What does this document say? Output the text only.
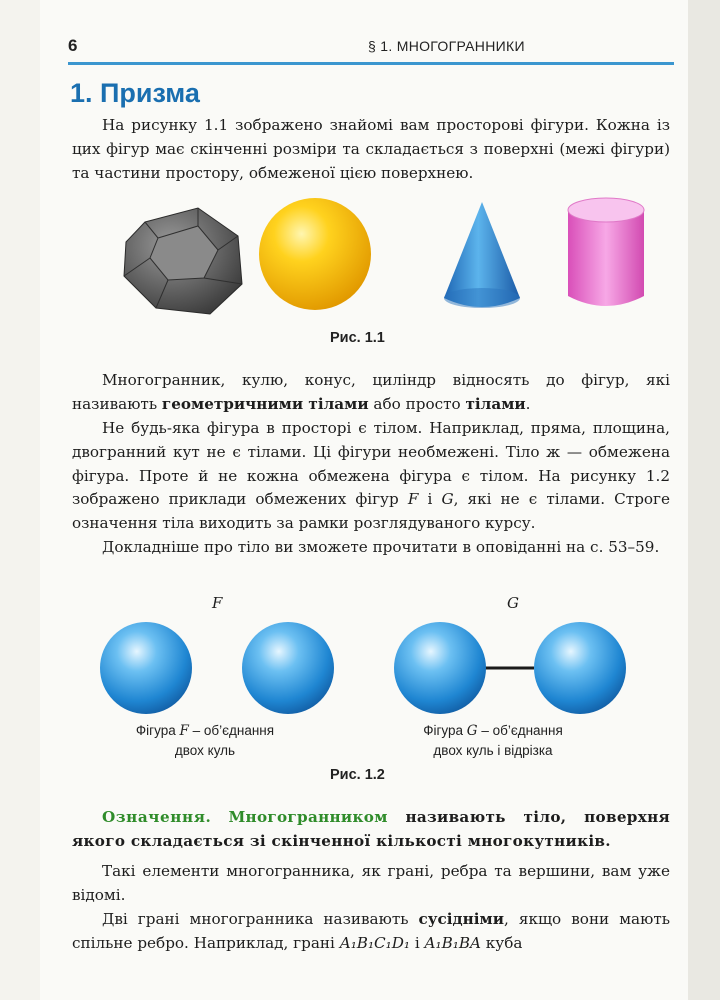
6	§ 1. МНОГОГРАННИКИ
1. Призма
На рисунку 1.1 зображено знайомі вам просторові фігури. Кожна із цих фігур має скінченні розміри та складається з поверхні (межі фігури) та частини простору, обмеженої цією поверхнею.
Рис. 1.1
Многогранник, кулю, конус, циліндр відносять до фігур, які називають геометричними тілами або просто тілами.
Не будь-яка фігура в просторі є тілом. Наприклад, пряма, площина, двогранний кут не є тілами. Ці фігури необмежені. Тіло ж — обмежена фігура. Проте й не кожна обмежена фігура є тілом. На рисунку 1.2 зображено приклади обмежених фігур F і G, які не є тілами. Строге означення тіла виходить за рамки розглядуваного курсу.
Докладніше про тіло ви зможете прочитати в оповіданні на с. 53–59.
F	G
Фігура F – об’єднання
двох куль
Фігура G – об’єднання
двох куль і відрізка
Рис. 1.2
Означення. Многогранником називають тіло, поверхня якого складається зі скінченної кількості многокутників.
Такі елементи многогранника, як грані, ребра та вершини, вам уже відомі.
Дві грані многогранника називають сусідніми, якщо вони мають спільне ребро. Наприклад, грані A₁B₁C₁D₁ і A₁B₁BA куба
